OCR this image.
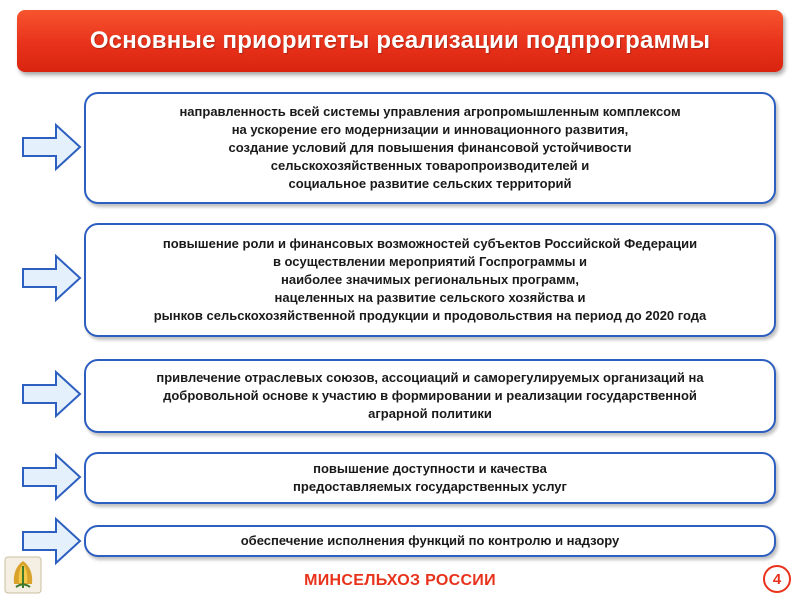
Основные приоритеты реализации подпрограммы
направленность всей системы управления агропромышленным комплексом
на ускорение его модернизации и инновационного развития,
создание условий для повышения финансовой устойчивости
сельскохозяйственных товаропроизводителей и
социальное развитие сельских территорий
повышение роли и финансовых возможностей субъектов Российской Федерации
в осуществлении мероприятий Госпрограммы и
наиболее значимых региональных программ,
нацеленных на развитие сельского хозяйства и
рынков сельскохозяйственной продукции и продовольствия на период до 2020 года
привлечение отраслевых союзов, ассоциаций и саморегулируемых организаций на
добровольной основе к участию в формировании и реализации государственной
аграрной политики
повышение доступности и качества
предоставляемых государственных услуг
обеспечение исполнения функций по контролю и надзору
МИНСЕЛЬХОЗ РОССИИ	4
